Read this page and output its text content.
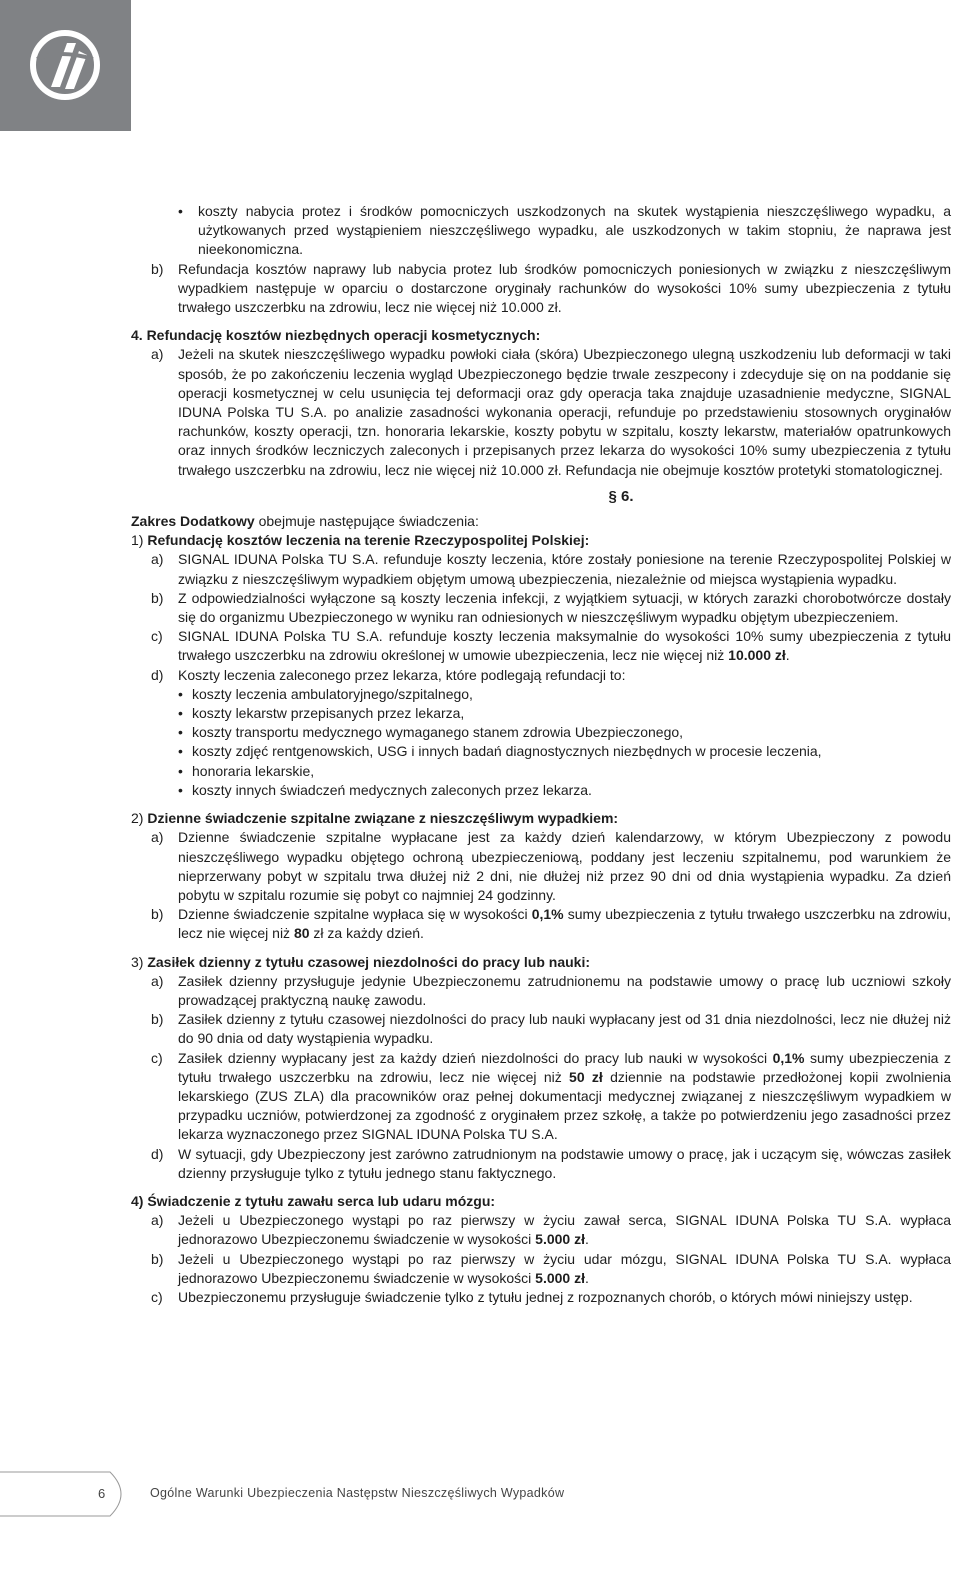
•	koszty nabycia protez i środków pomocniczych uszkodzonych na skutek wystąpienia nieszczęśliwego wypadku, a użytkowanych przed wystąpieniem nieszczęśliwego wypadku, ale uszkodzonych w takim stopniu, że naprawa jest nieekonomiczna.
b)	Refundacja kosztów naprawy lub nabycia protez lub środków pomocniczych poniesionych w związku z nieszczęśliwym wypadkiem następuje w oparciu o dostarczone oryginały rachunków do wysokości 10% sumy ubezpieczenia z tytułu trwałego uszczerbku na zdrowiu, lecz nie więcej niż 10.000 zł.

4. Refundację kosztów niezbędnych operacji kosmetycznych:

a)	Jeżeli na skutek nieszczęśliwego wypadku powłoki ciała (skóra) Ubezpieczonego ulegną uszkodzeniu lub deformacji w taki sposób, że po zakończeniu leczenia wygląd Ubezpieczonego będzie trwale zeszpecony i zdecyduje się on na poddanie się operacji kosmetycznej w celu usunięcia tej deformacji oraz gdy operacja taka znajduje uzasadnienie medyczne, SIGNAL IDUNA Polska TU S.A. po analizie zasadności wykonania operacji, refunduje po przedstawieniu stosownych oryginałów rachunków, koszty operacji, tzn. honoraria lekarskie, koszty pobytu w szpitalu, koszty lekarstw, materiałów opatrunkowych oraz innych środków leczniczych zaleconych i przepisanych przez lekarza do wysokości 10% sumy ubezpieczenia z tytułu trwałego uszczerbku na zdrowiu, lecz nie więcej niż 10.000 zł. Refundacja nie obejmuje kosztów protetyki stomatologicznej.

§ 6.

Zakres Dodatkowy obejmuje następujące świadczenia:

1) Refundację kosztów leczenia na terenie Rzeczypospolitej Polskiej:

a)	SIGNAL IDUNA Polska TU S.A. refunduje koszty leczenia, które zostały poniesione na terenie Rzeczypospolitej Polskiej w związku z nieszczęśliwym wypadkiem objętym umową ubezpieczenia, niezależnie od miejsca wystąpienia wypadku.
b)	Z odpowiedzialności wyłączone są koszty leczenia infekcji, z wyjątkiem sytuacji, w których zarazki chorobotwórcze dostały się do organizmu Ubezpieczonego w wyniku ran odniesionych w nieszczęśliwym wypadku objętym ubezpieczeniem.
c)	SIGNAL IDUNA Polska TU S.A. refunduje koszty leczenia maksymalnie do wysokości 10% sumy ubezpieczenia z tytułu trwałego uszczerbku na zdrowiu określonej w umowie ubezpieczenia, lecz nie więcej niż 10.000 zł.
d)	Koszty leczenia zaleconego przez lekarza, które podlegają refundacji to:
• koszty leczenia ambulatoryjnego/szpitalnego,
• koszty lekarstw przepisanych przez lekarza,
• koszty transportu medycznego wymaganego stanem zdrowia Ubezpieczonego,
• koszty zdjęć rentgenowskich, USG i innych badań diagnostycznych niezbędnych w procesie leczenia,
• honoraria lekarskie,
• koszty innych świadczeń medycznych zaleconych przez lekarza.

2) Dzienne świadczenie szpitalne związane z nieszczęśliwym wypadkiem:

a)	Dzienne świadczenie szpitalne wypłacane jest za każdy dzień kalendarzowy, w którym Ubezpieczony z powodu nieszczęśliwego wypadku objętego ochroną ubezpieczeniową, poddany jest leczeniu szpitalnemu, pod warunkiem że nieprzerwany pobyt w szpitalu trwa dłużej niż 2 dni, nie dłużej niż przez 90 dni od dnia wystąpienia wypadku. Za dzień pobytu w szpitalu rozumie się pobyt co najmniej 24 godzinny.
b)	Dzienne świadczenie szpitalne wypłaca się w wysokości 0,1% sumy ubezpieczenia z tytułu trwałego uszczerbku na zdrowiu, lecz nie więcej niż 80 zł za każdy dzień.

3) Zasiłek dzienny z tytułu czasowej niezdolności do pracy lub nauki:

a)	Zasiłek dzienny przysługuje jedynie Ubezpieczonemu zatrudnionemu na podstawie umowy o pracę lub uczniowi szkoły prowadzącej praktyczną naukę zawodu.
b)	Zasiłek dzienny z tytułu czasowej niezdolności do pracy lub nauki wypłacany jest od 31 dnia niezdolności, lecz nie dłużej niż do 90 dnia od daty wystąpienia wypadku.
c)	Zasiłek dzienny wypłacany jest za każdy dzień niezdolności do pracy lub nauki w wysokości 0,1% sumy ubezpieczenia z tytułu trwałego uszczerbku na zdrowiu, lecz nie więcej niż 50 zł dziennie na podstawie przedłożonej kopii zwolnienia lekarskiego (ZUS ZLA) dla pracowników oraz pełnej dokumentacji medycznej związanej z nieszczęśliwym wypadkiem w przypadku uczniów, potwierdzonej za zgodność z oryginałem przez szkołę, a także po potwierdzeniu jego zasadności przez lekarza wyznaczonego przez SIGNAL IDUNA Polska TU S.A.
d)	W sytuacji, gdy Ubezpieczony jest zarówno zatrudnionym na podstawie umowy o pracę, jak i uczącym się, wówczas zasiłek dzienny przysługuje tylko z tytułu jednego stanu faktycznego.

4) Świadczenie z tytułu zawału serca lub udaru mózgu:

a)	Jeżeli u Ubezpieczonego wystąpi po raz pierwszy w życiu zawał serca, SIGNAL IDUNA Polska TU S.A. wypłaca jednorazowo Ubezpieczonemu świadczenie w wysokości 5.000 zł.
b)	Jeżeli u Ubezpieczonego wystąpi po raz pierwszy w życiu udar mózgu, SIGNAL IDUNA Polska TU S.A. wypłaca jednorazowo Ubezpieczonemu świadczenie w wysokości 5.000 zł.
c)	Ubezpieczonemu przysługuje świadczenie tylko z tytułu jednej z rozpoznanych chorób, o których mówi niniejszy ustęp.
6	Ogólne Warunki Ubezpieczenia Następstw Nieszczęśliwych Wypadków
